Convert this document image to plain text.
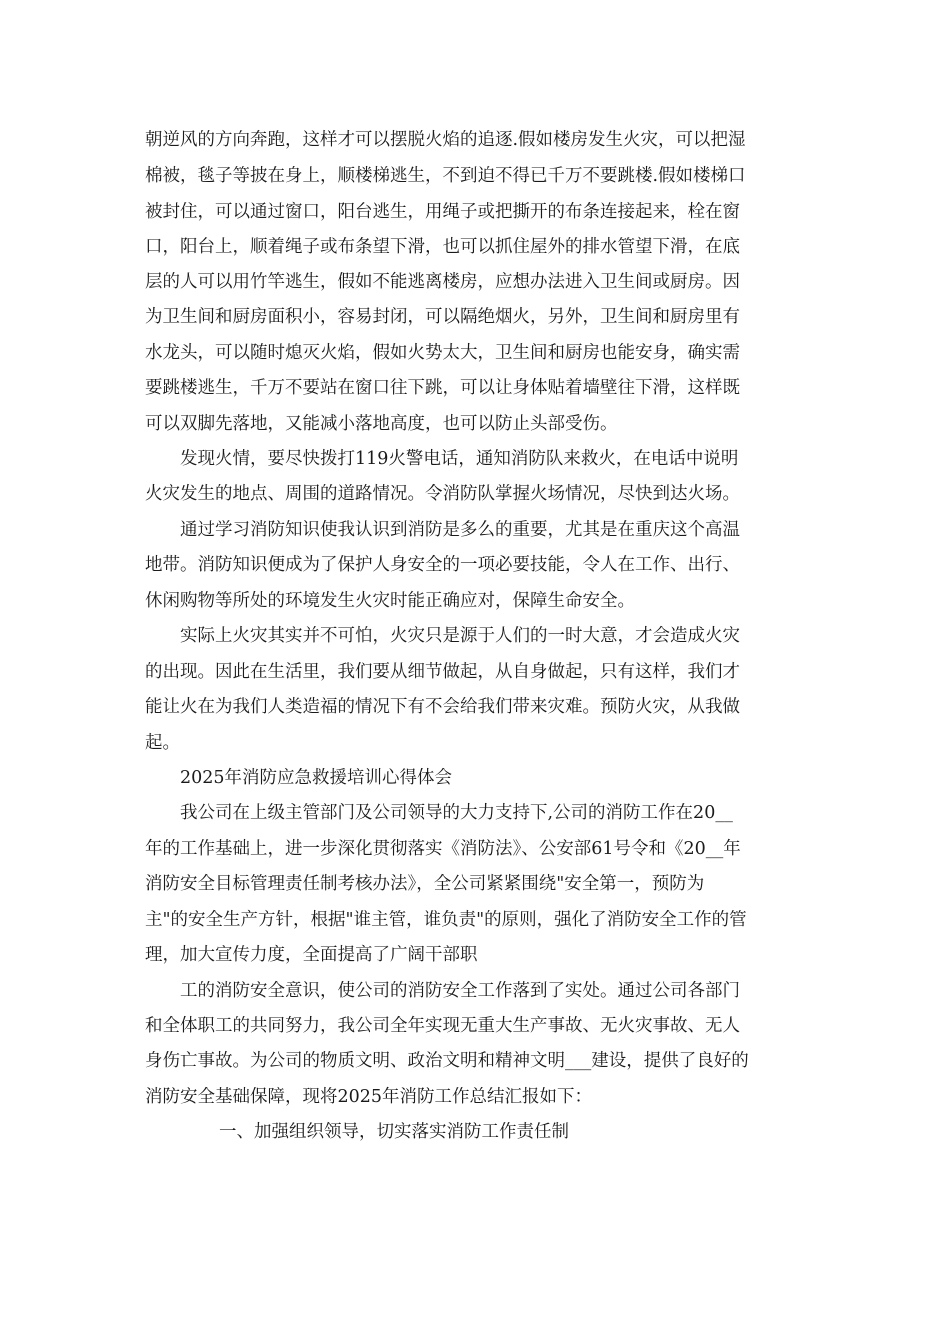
朝逆风的方向奔跑，这样才可以摆脱火焰的追逐.假如楼房发生火灾，可以把湿
棉被，毯子等披在身上，顺楼梯逃生，不到迫不得已千万不要跳楼.假如楼梯口
被封住，可以通过窗口，阳台逃生，用绳子或把撕开的布条连接起来，栓在窗
口，阳台上，顺着绳子或布条望下滑，也可以抓住屋外的排水管望下滑，在底
层的人可以用竹竿逃生，假如不能逃离楼房，应想办法进入卫生间或厨房。因
为卫生间和厨房面积小，容易封闭，可以隔绝烟火，另外，卫生间和厨房里有
水龙头，可以随时熄灭火焰，假如火势太大，卫生间和厨房也能安身，确实需
要跳楼逃生，千万不要站在窗口往下跳，可以让身体贴着墙壁往下滑，这样既
可以双脚先落地，又能减小落地高度，也可以防止头部受伤。
发现火情，要尽快拨打119火警电话，通知消防队来救火，在电话中说明
火灾发生的地点、周围的道路情况。令消防队掌握火场情况，尽快到达火场。
通过学习消防知识使我认识到消防是多么的重要，尤其是在重庆这个高温
地带。消防知识便成为了保护人身安全的一项必要技能，令人在工作、出行、
休闲购物等所处的环境发生火灾时能正确应对，保障生命安全。
实际上火灾其实并不可怕，火灾只是源于人们的一时大意，才会造成火灾
的出现。因此在生活里，我们要从细节做起，从自身做起，只有这样，我们才
能让火在为我们人类造福的情况下有不会给我们带来灾难。预防火灾，从我做
起。
2025年消防应急救援培训心得体会
我公司在上级主管部门及公司领导的大力支持下,公司的消防工作在20__
年的工作基础上，进一步深化贯彻落实《消防法》、公安部61号令和《20__年
消防安全目标管理责任制考核办法》，全公司紧紧围绕"安全第一，预防为
主"的安全生产方针，根据"谁主管，谁负责"的原则，强化了消防安全工作的管
理，加大宣传力度，全面提高了广阔干部职
工的消防安全意识，使公司的消防安全工作落到了实处。通过公司各部门
和全体职工的共同努力，我公司全年实现无重大生产事故、无火灾事故、无人
身伤亡事故。为公司的物质文明、政治文明和精神文明___建设，提供了良好的
消防安全基础保障，现将2025年消防工作总结汇报如下：
一、加强组织领导，切实落实消防工作责任制
